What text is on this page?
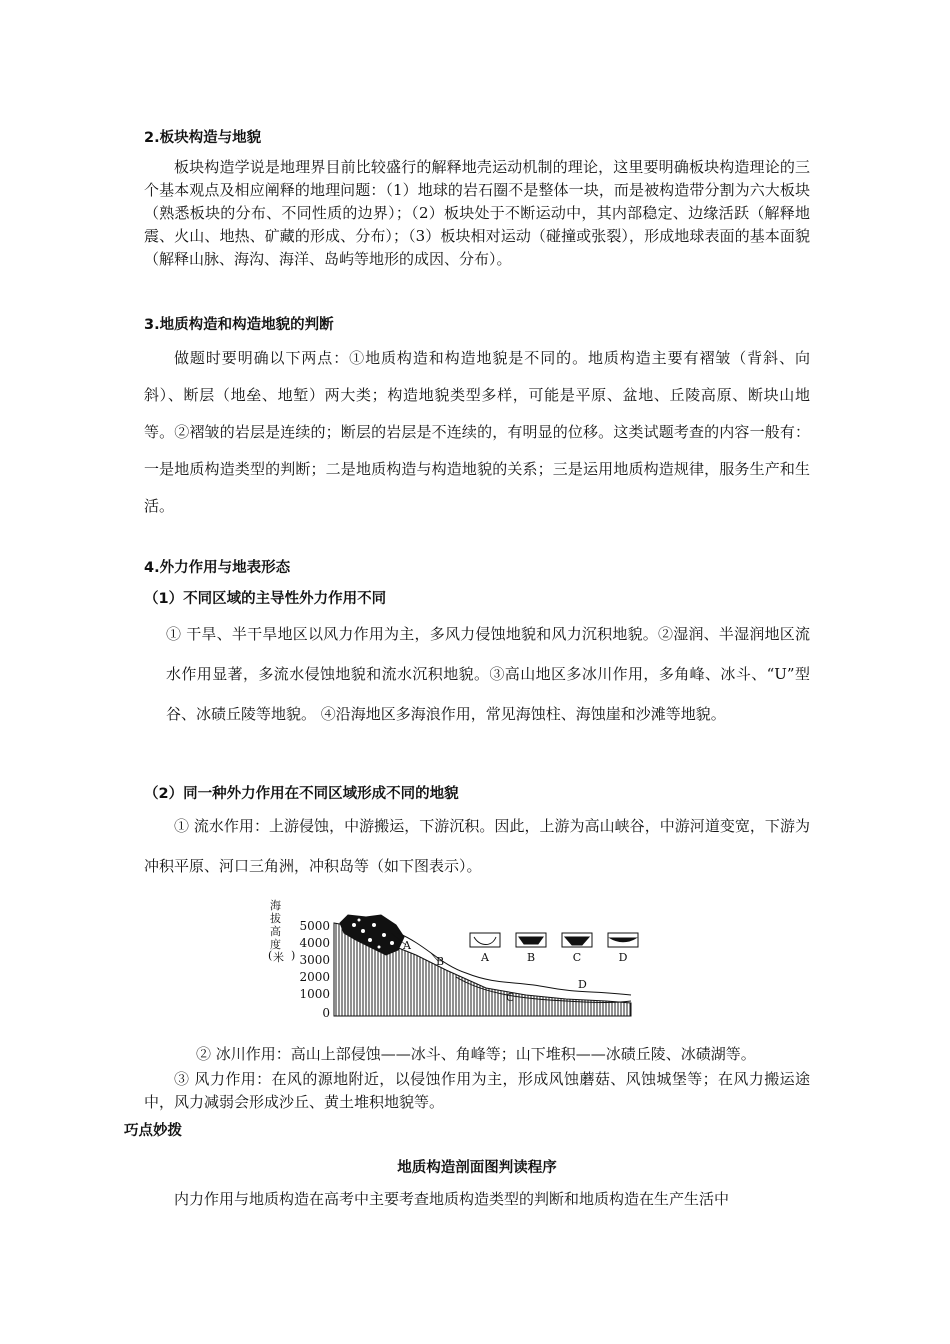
2.板块构造与地貌
板块构造学说是地理界目前比较盛行的解释地壳运动机制的理论，这里要明确板块构造理论的三个基本观点及相应阐释的地理问题：（1）地球的岩石圈不是整体一块，而是被构造带分割为六大板块（熟悉板块的分布、不同性质的边界）；（2）板块处于不断运动中，其内部稳定、边缘活跃（解释地震、火山、地热、矿藏的形成、分布）；（3）板块相对运动（碰撞或张裂），形成地球表面的基本面貌（解释山脉、海沟、海洋、岛屿等地形的成因、分布）。
3.地质构造和构造地貌的判断
做题时要明确以下两点：①地质构造和构造地貌是不同的。地质构造主要有褶皱（背斜、向斜）、断层（地垒、地堑）两大类；构造地貌类型多样，可能是平原、盆地、丘陵高原、断块山地等。②褶皱的岩层是连续的；断层的岩层是不连续的，有明显的位移。这类试题考查的内容一般有：一是地质构造类型的判断；二是地质构造与构造地貌的关系；三是运用地质构造规律，服务生产和生活。
4.外力作用与地表形态
（1）不同区域的主导性外力作用不同
① 干旱、半干旱地区以风力作用为主，多风力侵蚀地貌和风力沉积地貌。②湿润、半湿润地区流水作用显著，多流水侵蚀地貌和流水沉积地貌。③高山地区多冰川作用，多角峰、冰斗、“U”型谷、冰碛丘陵等地貌。 ④沿海地区多海浪作用，常见海蚀柱、海蚀崖和沙滩等地貌。
（2）同一种外力作用在不同区域形成不同的地貌
① 流水作用：上游侵蚀，中游搬运，下游沉积。因此，上游为高山峡谷，中游河道变宽，下游为冲积平原、河口三角洲，冲积岛等（如下图表示）。
海
拔
高
度
( 米 )
5000
4000
3000
2000
1000
0
A
B
C
D
A	B	C	D
② 冰川作用：高山上部侵蚀——冰斗、角峰等；山下堆积——冰碛丘陵、冰碛湖等。
③ 风力作用：在风的源地附近，以侵蚀作用为主，形成风蚀蘑菇、风蚀城堡等；在风力搬运途中，风力减弱会形成沙丘、黄土堆积地貌等。
巧点妙拨
地质构造剖面图判读程序
内力作用与地质构造在高考中主要考查地质构造类型的判断和地质构造在生产生活中
